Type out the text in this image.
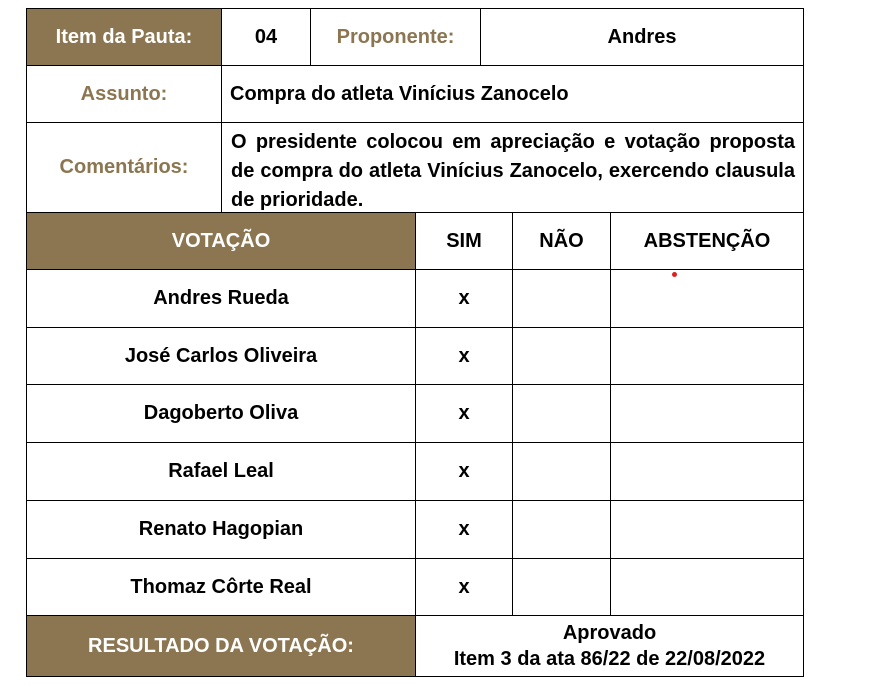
Item da Pauta:	04	Proponente:	Andres
Assunto:	Compra do atleta Vinícius Zanocelo
Comentários:
O presidente colocou em apreciação e votação proposta de compra do atleta Vinícius Zanocelo, exercendo clausula de prioridade.
VOTAÇÃO	SIM	NÃO	ABSTENÇÃO
Andres Rueda	x
José Carlos Oliveira	x
Dagoberto Oliva	x
Rafael Leal	x
Renato Hagopian	x
Thomaz Côrte Real	x
RESULTADO DA VOTAÇÃO:
Aprovado
Item 3 da ata 86/22 de 22/08/2022
